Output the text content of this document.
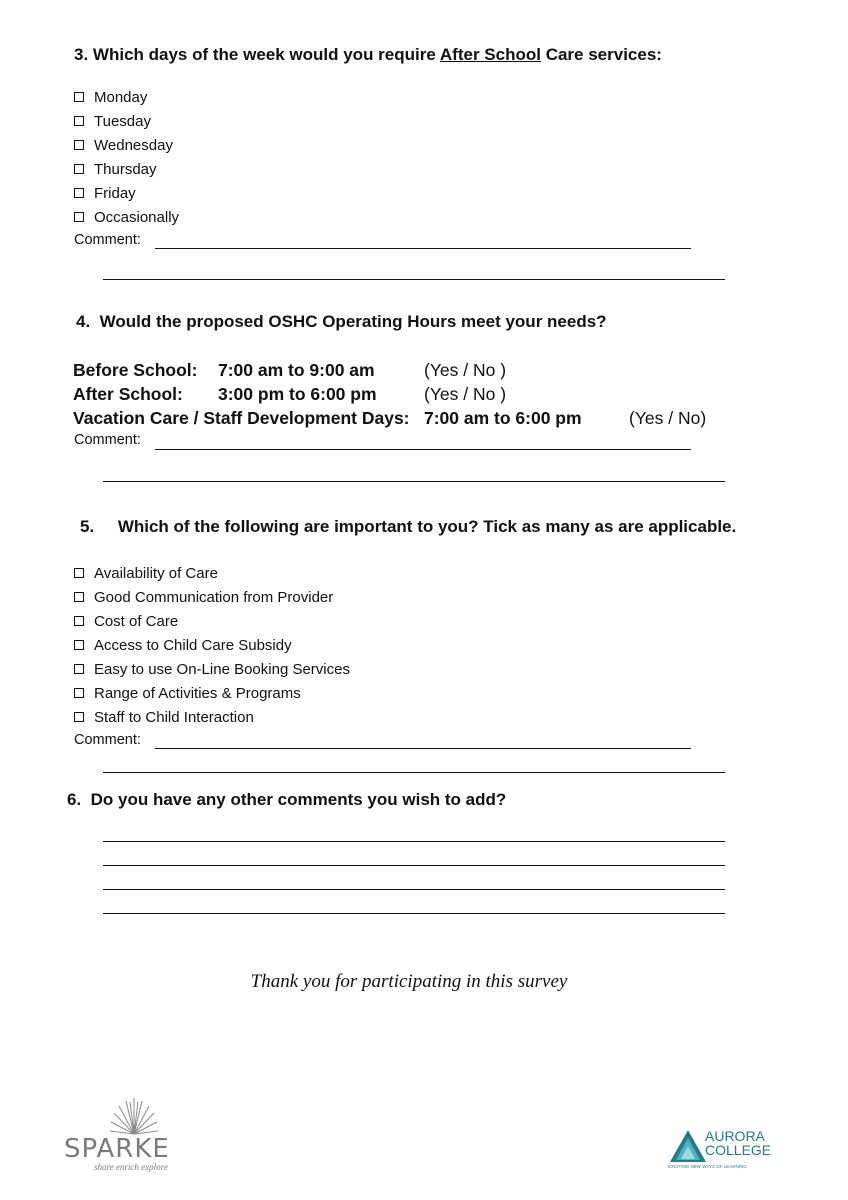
3. Which days of the week would you require After School Care services:
Monday
Tuesday
Wednesday
Thursday
Friday
Occasionally
Comment:
4. Would the proposed OSHC Operating Hours meet your needs?
Before School: 7:00 am to 9:00 am	(Yes / No )
After School: 3:00 pm to 6:00 pm	(Yes / No )
Vacation Care / Staff Development Days: 7:00 am to 6:00 pm	(Yes / No)
Comment:
5. Which of the following are important to you? Tick as many as are applicable.
Availability of Care
Good Communication from Provider
Cost of Care
Access to Child Care Subsidy
Easy to use On-Line Booking Services
Range of Activities & Programs
Staff to Child Interaction
Comment:
6. Do you have any other comments you wish to add?
Thank you for participating in this survey
SPARKE
share enrich explore
AURORA
COLLEGE
EXCITING NEW WAYS OF LEARNING
